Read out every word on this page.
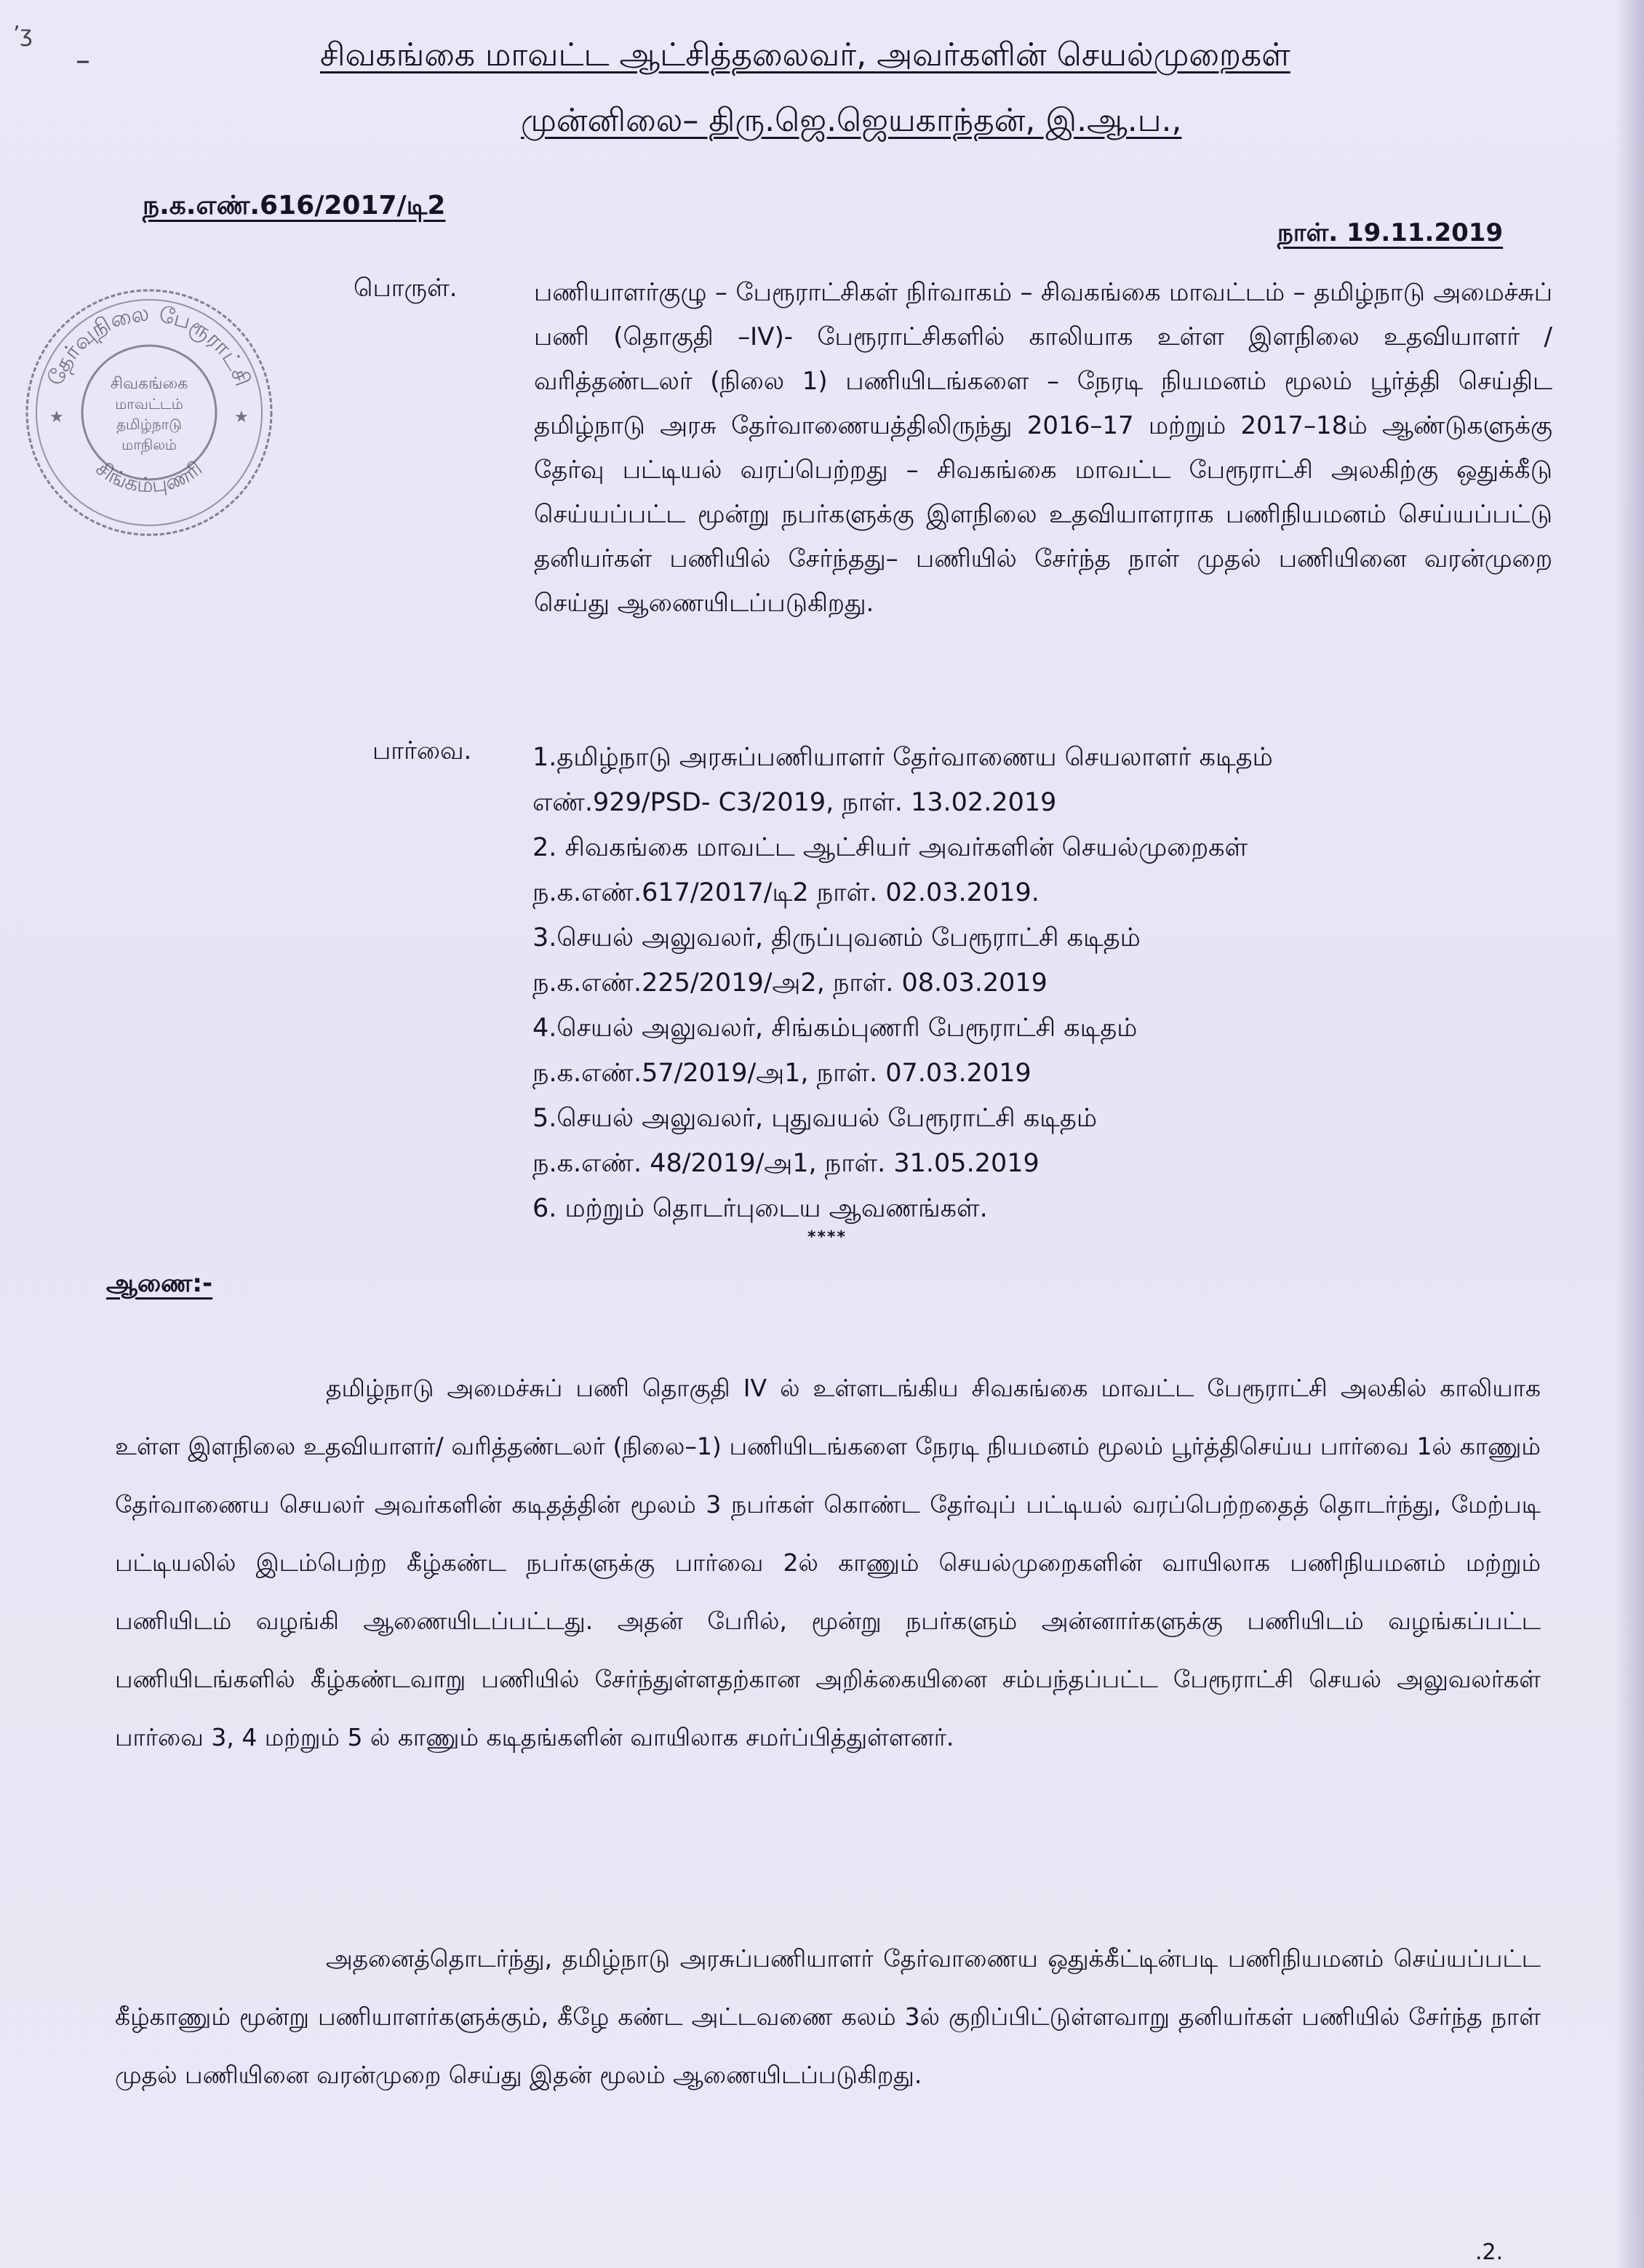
ʼʒ
–	சிவகங்கை மாவட்ட ஆட்சித்தலைவர், அவர்களின் செயல்முறைகள்
முன்னிலை– திரு.ஜெ.ஜெயகாந்தன், இ.ஆ.ப.,
ந.க.எண்.616/2017/டி2
நாள். 19.11.2019
தேர்வுநிலை பேரூராட்சி
சிங்கம்புணரி
★	★
சிவகங்கை
மாவட்டம்
தமிழ்நாடு
மாநிலம்
பொருள்.	பணியாளர்குழு – பேரூராட்சிகள் நிர்வாகம் – சிவகங்கை மாவட்டம் – தமிழ்நாடு அமைச்சுப் பணி (தொகுதி –IV)- பேரூராட்சிகளில் காலியாக உள்ள இளநிலை உதவியாளர் / வரித்தண்டலர் (நிலை 1) பணியிடங்களை – நேரடி நியமனம் மூலம் பூர்த்தி செய்திட தமிழ்நாடு அரசு தேர்வாணையத்திலிருந்து 2016–17 மற்றும் 2017–18ம் ஆண்டுகளுக்கு தேர்வு பட்டியல் வரப்பெற்றது – சிவகங்கை மாவட்ட பேரூராட்சி அலகிற்கு ஒதுக்கீடு செய்யப்பட்ட மூன்று நபர்களுக்கு இளநிலை உதவியாளராக பணிநியமனம் செய்யப்பட்டு தனியர்கள் பணியில் சேர்ந்தது– பணியில் சேர்ந்த நாள் முதல் பணியினை வரன்முறை செய்து ஆணையிடப்படுகிறது.

பார்வை. 1.தமிழ்நாடு அரசுப்பணியாளர் தேர்வாணைய செயலாளர் கடிதம்
எண்.929/PSD- C3/2019, நாள். 13.02.2019
2. சிவகங்கை மாவட்ட ஆட்சியர் அவர்களின் செயல்முறைகள்
ந.க.எண்.617/2017/டி2 நாள். 02.03.2019.
3.செயல் அலுவலர், திருப்புவனம் பேரூராட்சி கடிதம்
ந.க.எண்.225/2019/அ2, நாள். 08.03.2019
4.செயல் அலுவலர், சிங்கம்புணரி பேரூராட்சி கடிதம்
ந.க.எண்.57/2019/அ1, நாள். 07.03.2019
5.செயல் அலுவலர், புதுவயல் பேரூராட்சி கடிதம்
ந.க.எண். 48/2019/அ1, நாள். 31.05.2019
6. மற்றும் தொடர்புடைய ஆவணங்கள்.
****
ஆணை:-

தமிழ்நாடு அமைச்சுப் பணி தொகுதி IV ல் உள்ளடங்கிய சிவகங்கை மாவட்ட பேரூராட்சி அலகில் காலியாக உள்ள இளநிலை உதவியாளர்/ வரித்தண்டலர் (நிலை–1) பணியிடங்களை நேரடி நியமனம் மூலம் பூர்த்திசெய்ய பார்வை 1ல் காணும் தேர்வாணைய செயலர் அவர்களின் கடிதத்தின் மூலம் 3 நபர்கள் கொண்ட தேர்வுப் பட்டியல் வரப்பெற்றதைத் தொடர்ந்து, மேற்படி பட்டியலில் இடம்பெற்ற கீழ்கண்ட நபர்களுக்கு பார்வை 2ல் காணும் செயல்முறைகளின் வாயிலாக பணிநியமனம் மற்றும் பணியிடம் வழங்கி ஆணையிடப்பட்டது. அதன் பேரில், மூன்று நபர்களும் அன்னார்களுக்கு பணியிடம் வழங்கப்பட்ட பணியிடங்களில் கீழ்கண்டவாறு பணியில் சேர்ந்துள்ளதற்கான அறிக்கையினை சம்பந்தப்பட்ட பேரூராட்சி செயல் அலுவலர்கள் பார்வை 3, 4 மற்றும் 5 ல் காணும் கடிதங்களின் வாயிலாக சமர்ப்பித்துள்ளனர்.

அதனைத்தொடர்ந்து, தமிழ்நாடு அரசுப்பணியாளர் தேர்வாணைய ஒதுக்கீட்டின்படி பணிநியமனம் செய்யப்பட்ட கீழ்காணும் மூன்று பணியாளர்களுக்கும், கீழே கண்ட அட்டவணை கலம் 3ல் குறிப்பிட்டுள்ளவாறு தனியர்கள் பணியில் சேர்ந்த நாள் முதல் பணியினை வரன்முறை செய்து இதன் மூலம் ஆணையிடப்படுகிறது.

.2.
